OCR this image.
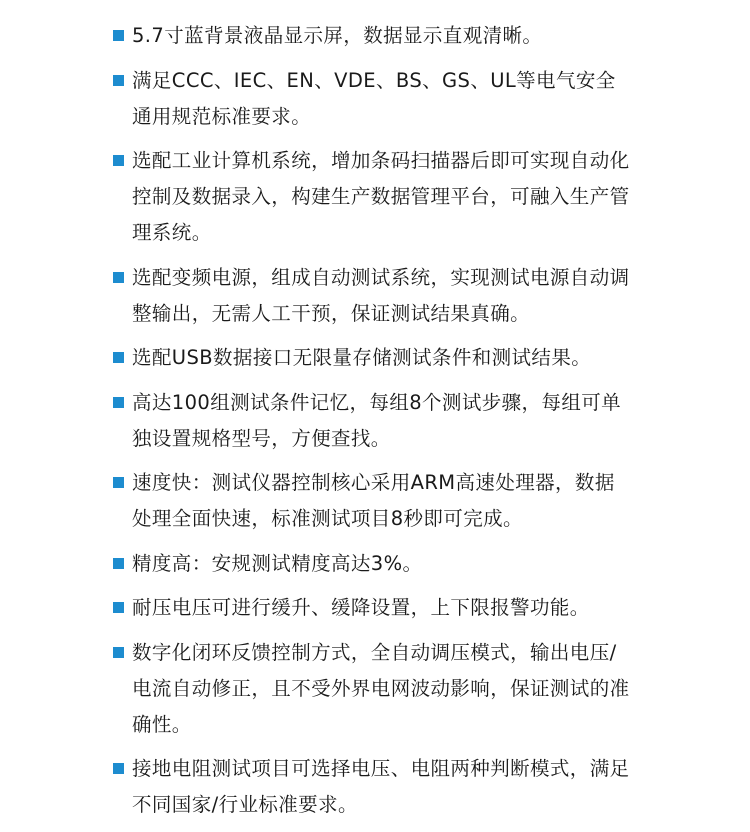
5.7寸蓝背景液晶显示屏，数据显示直观清晰。
满足CCC、IEC、EN、VDE、BS、GS、UL等电气安全通用规范标准要求。
选配工业计算机系统，增加条码扫描器后即可实现自动化控制及数据录入，构建生产数据管理平台，可融入生产管理系统。
选配变频电源，组成自动测试系统，实现测试电源自动调整输出，无需人工干预，保证测试结果真确。
选配USB数据接口无限量存储测试条件和测试结果。
高达100组测试条件记忆，每组8个测试步骤，每组可单独设置规格型号，方便查找。
速度快：测试仪器控制核心采用ARM高速处理器，数据处理全面快速，标准测试项目8秒即可完成。
精度高：安规测试精度高达3%。
耐压电压可进行缓升、缓降设置，上下限报警功能。
数字化闭环反馈控制方式，全自动调压模式，输出电压/电流自动修正，且不受外界电网波动影响，保证测试的准确性。
接地电阻测试项目可选择电压、电阻两种判断模式，满足不同国家/行业标准要求。
